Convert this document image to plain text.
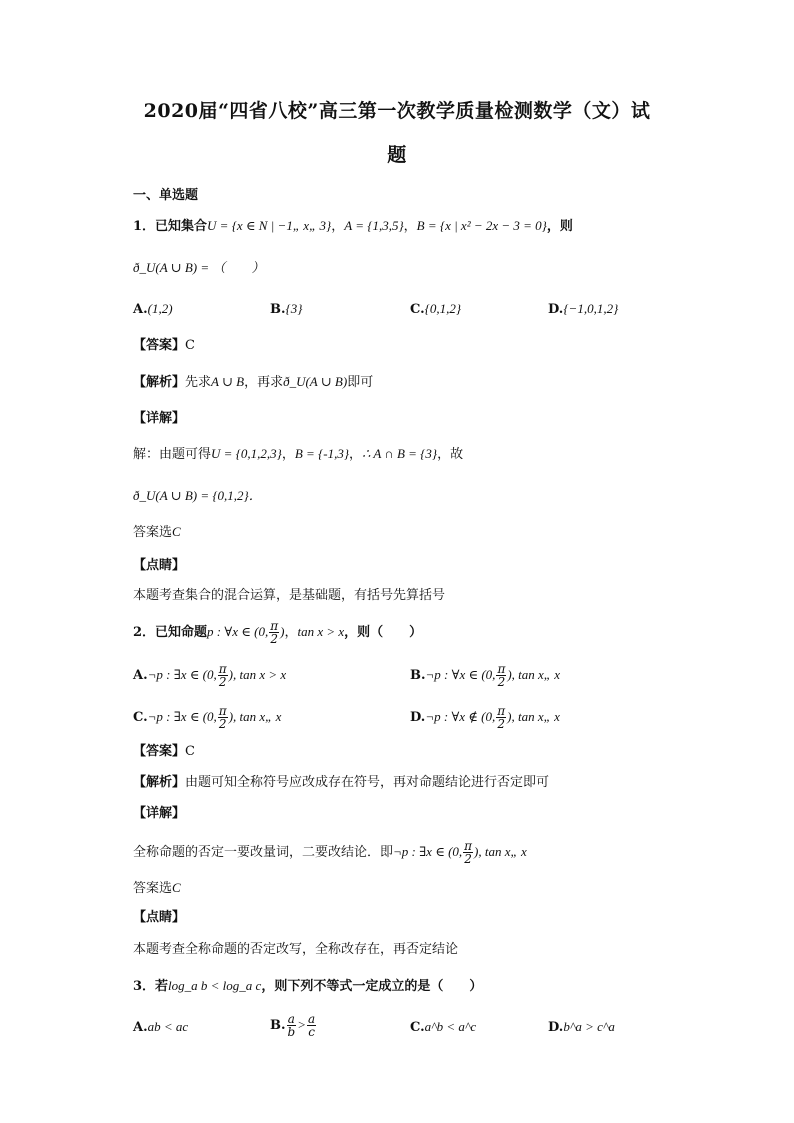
2020届“四省八校”高三第一次教学质量检测数学（文）试
题
一、单选题
1．已知集合U = {x ∈ N | −1„ x„ 3}，A = {1,3,5}，B = {x | x² − 2x − 3 = 0}，则
ð_U(A ∪ B) = （　　）
A.(1,2)	B.{3}	C.{0,1,2}	D.{−1,0,1,2}
【答案】C
【解析】先求A ∪ B，再求ð_U(A ∪ B)即可
【详解】
解：由题可得U = {0,1,2,3}，B = {-1,3}，∴ A ∩ B = {3}，故
ð_U(A ∪ B) = {0,1,2}．
答案选C
【点睛】
本题考查集合的混合运算，是基础题，有括号先算括号
2．已知命题p : ∀x ∈ (0, $\frac{\pi}{2}$ )，tan x > x，则（　　）
A.¬p : ∃x ∈ (0, $\frac{\pi}{2}$ ), tan x > x	B.¬p : ∀x ∈ (0, $\frac{\pi}{2}$ ), tan x„ x
C.¬p : ∃x ∈ (0, $\frac{\pi}{2}$ ), tan x„ x	D.¬p : ∀x ∉ (0, $\frac{\pi}{2}$ ), tan x„ x
【答案】C
【解析】由题可知全称符号应改成存在符号，再对命题结论进行否定即可
【详解】
全称命题的否定一要改量词，二要改结论．即¬p : ∃x ∈ (0, $\frac{\pi}{2}$ ), tan x„ x
答案选C
【点睛】
本题考查全称命题的否定改写，全称改存在，再否定结论
3．若log_a b < log_a c，则下列不等式一定成立的是（　　）
A.ab < ac	B. $\frac{a}{b} > \frac{a}{c}$	C.a^b < a^c	D.b^a > c^a
